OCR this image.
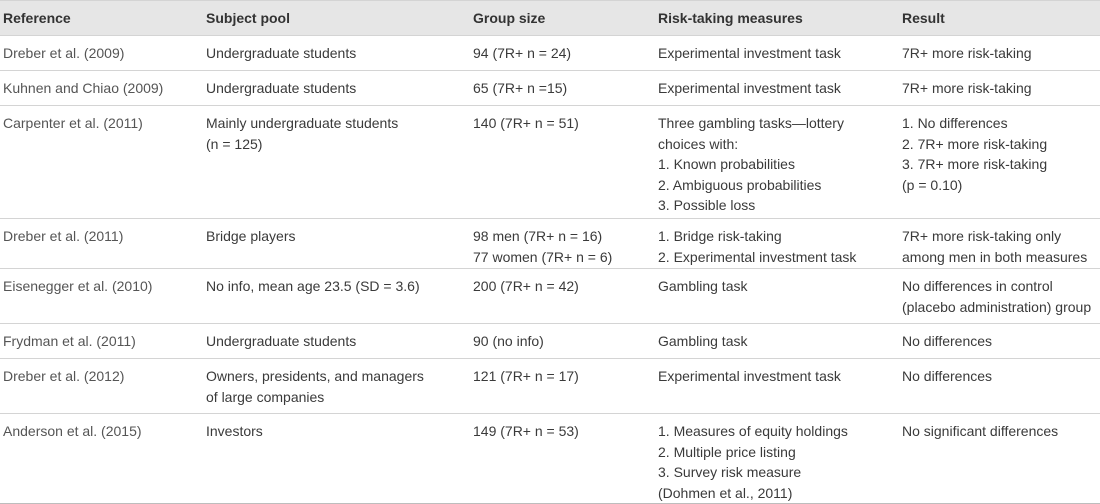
Reference	Subject pool	Group size	Risk-taking measures	Result
Dreber et al. (2009)	Undergraduate students	94 (7R+ n = 24)	Experimental investment task	7R+ more risk-taking

Kuhnen and Chiao (2009)	Undergraduate students	65 (7R+ n =15)	Experimental investment task	7R+ more risk-taking

Carpenter et al. (2011)	Mainly undergraduate students
(n = 125)	140 (7R+ n = 51)	Three gambling tasks—lottery
choices with:
1. Known probabilities
2. Ambiguous probabilities
3. Possible loss	1. No differences
2. 7R+ more risk-taking
3. 7R+ more risk-taking
(p = 0.10)

Dreber et al. (2011)	Bridge players	98 men (7R+ n = 16)
77 women (7R+ n = 6)	1. Bridge risk-taking
2. Experimental investment task	7R+ more risk-taking only
among men in both measures

Eisenegger et al. (2010)	No info, mean age 23.5 (SD = 3.6)	200 (7R+ n = 42)	Gambling task	No differences in control
(placebo administration) group

Frydman et al. (2011)	Undergraduate students	90 (no info)	Gambling task	No differences

Dreber et al. (2012)	Owners, presidents, and managers
of large companies	121 (7R+ n = 17)	Experimental investment task	No differences

Anderson et al. (2015)	Investors	149 (7R+ n = 53)	1. Measures of equity holdings
2. Multiple price listing
3. Survey risk measure
(Dohmen et al., 2011)	No significant differences
